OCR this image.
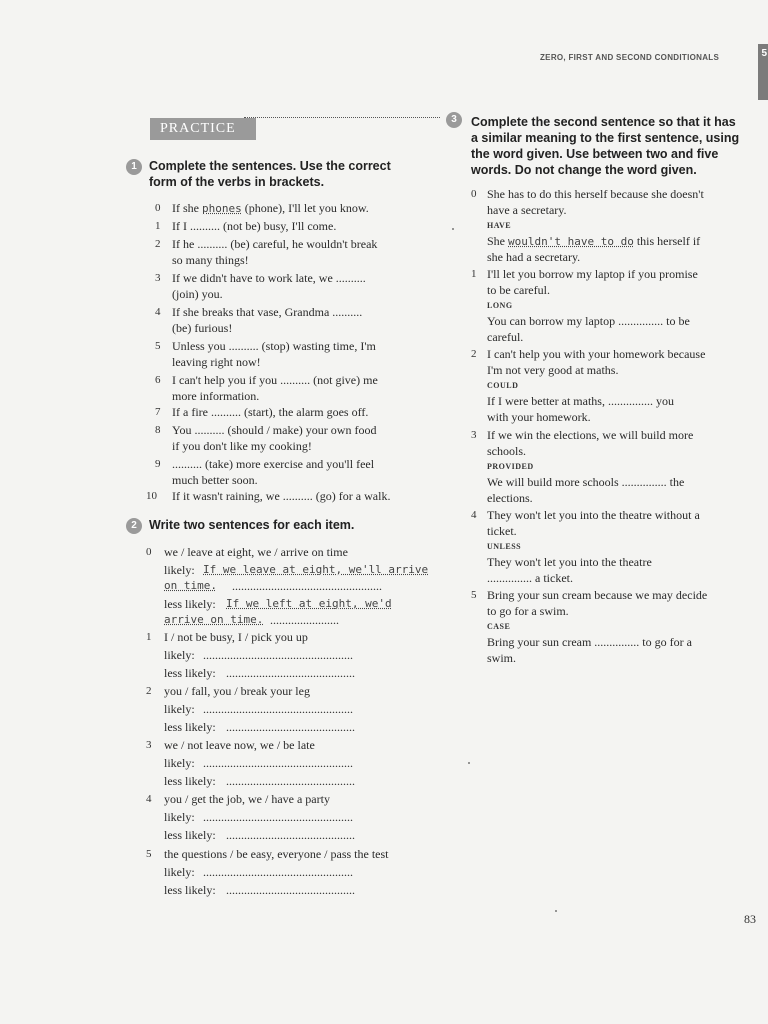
ZERO, FIRST AND SECOND CONDITIONALS	5
PRACTICE
1 Complete the sentences. Use the correct
form of the verbs in brackets.
0 If she phones (phone), I'll let you know.
1 If I .......... (not be) busy, I'll come.
2 If he .......... (be) careful, he wouldn't break
so many things!
3 If we didn't have to work late, we ..........
(join) you.
4 If she breaks that vase, Grandma ..........
(be) furious!
5 Unless you .......... (stop) wasting time, I'm
leaving right now!
6 I can't help you if you .......... (not give) me
more information.
7 If a fire .......... (start), the alarm goes off.
8 You .......... (should / make) your own food
if you don't like my cooking!
9 .......... (take) more exercise and you'll feel
much better soon.
10 If it wasn't raining, we .......... (go) for a walk.
2 Write two sentences for each item.
0 we / leave at eight, we / arrive on time
likely: If we leave at eight, we'll arrive
on time. ..................................................
less likely: If we left at eight, we'd
arrive on time. .......................
1 I / not be busy, I / pick you up
likely: ..................................................
less likely: ...........................................
2 you / fall, you / break your leg
likely: ..................................................
less likely: ...........................................
3 we / not leave now, we / be late
likely: ..................................................
less likely: ...........................................
4 you / get the job, we / have a party
likely: ..................................................
less likely: ...........................................
5 the questions / be easy, everyone / pass the test
likely: ..................................................
less likely: ...........................................
3	Complete the second sentence so that it has
a similar meaning to the first sentence, using
the word given. Use between two and five
words. Do not change the word given.
0 She has to do this herself because she doesn't
have a secretary.
HAVE
She wouldn't have to do this herself if
she had a secretary.
1 I'll let you borrow my laptop if you promise
to be careful.
LONG
You can borrow my laptop ............... to be
careful.
2 I can't help you with your homework because
I'm not very good at maths.
COULD
If I were better at maths, ............... you
with your homework.
3 If we win the elections, we will build more
schools.
PROVIDED
We will build more schools ............... the
elections.
4 They won't let you into the theatre without a
ticket.
UNLESS
They won't let you into the theatre
............... a ticket.
5 Bring your sun cream because we may decide
to go for a swim.
CASE
Bring your sun cream ............... to go for a
swim.
83
